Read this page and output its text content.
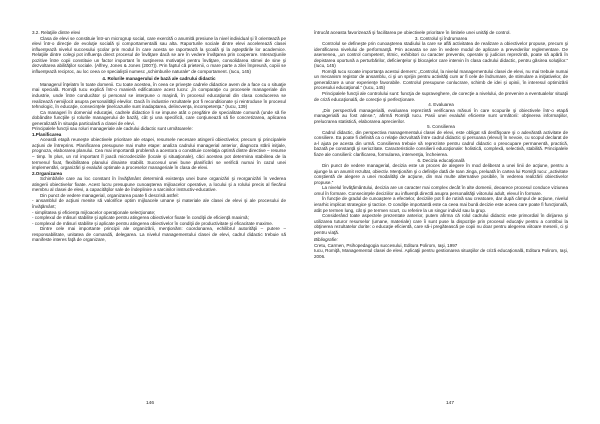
3.2. Relaţiile dintre elevi

Clasa de elevi se constituie într-un microgrup social, care exercită o anumită presiune la nivel individual şi îl orientează pe elevi într-o direcţie de evoluţie socială şi comportamentală sau alta. Raporturile sociale dintre elevi accelerează clasei influenţează nivelul succesului şcolar prin modul în care acesta se raportează la şcoală şi la aşteptările lor academice. Relaţiile dintre colegi pot influenţa direct procesul de învăţare dacă se are în vedere învăţarea prin cooperare. Interacţiunile pozitive între copii constituie un factor important în susţinerea motivaţiei pentru învăţare, consolidarea stimei de sine şi dezvoltarea abilităţilor sociale. (Alfrey, Jones & Jones (2007)). Prin faptul că prietenii, o mare parte a zilei împreună, copiii se influenţează reciproc, au loc ceea ce specialiştii numesc „schimburile naturale” de comportament. (Iucu, 145)

4. Rolurile managerului de bază ale cadrului didactic

Managerul înţelatm în toate domenii. Cu toate acestea, în ceea ce priveşte cadrele didactice avem de a face cu o situaţie mai specială. Romiţă Iucu explică într-o manieră edificatoare acest lucru: „În comparaţie cu procesele manageriale din industrie, unde între conducător şi personal se interpune o maşină, în procesul educaţional din clasa conducerea se realizează nemijlocit asupra personalităţii elevilor. Dacă în industrie rezultatele pot fi reconditionate şi reintroduse în procesul tehnologic, în educaţie, consecinţele ţine/cazurile sunt inadaptarea, delincvenţa, incompetenţa.” (Iucu, 139)

Ca manageri în domeniul educaţiei, cadrele didactice li se impune atât o pregătire de specialitate comună (unde să fie dobândite funcţiile şi rolurile managerului de bază), cât şi una specifică, care conţiunează să fie concretizarea, aplicarea generalizată în situaţia particulară a clasei de elevi.

Principalele funcţii sau roluri manageriale ale cadrului didactic sunt următoarele:

1.Planificarea

Această etapă reuneşte obiectivele prioritare ale etapei, resursele necesare atingerii obiectivelor, precum şi principalele acţiuni de întreprins. Planificarea presupune mai multe etape: analiza cadrului managerial anterior, diagnoza stării iniţiale, prognoza, elaborarea planului. Cea mai importantă problemă a acestora o constituie corelaţia optimă dintre directive – resurse – timp. În plus, un rol important îl joacă microdeciziile (locale şi situaţionale), căci acestea pot determina stabilirea de la termenul fixat, flexibilitatea planului dinainte stabilit. Succesul unei bune planificări se verifică numai în cazul unei implementări, organizări şi evaluări optimale a proceselor manageriale în clasa de elevi.

2.Organizarea

Schimbările care au loc constant în învăţământ determină existenţa unei bune organizări şi reorganizări în vederea atingerii obiectivelor fixate. Acest lucru presupune cunoaşterea mijloacelor operative, a locului şi a rolului precis al fiecărui membru al clasei de elevi, a capacităţilor sale de îndeplinire a sarcinilor instructiv-educative.

Din punct de vedere managerial, organizarea poate fi descrisă astfel:

- ansamblul de acţiuni menite să valorifice optim mijloacele umane şi materiale ale clasei de elevi şi ale procesului de învăţământ;

- simplitatea şi eficienţa mijloacelor operaţionale selecţionate;

- complexul de măsuri stabilite şi aplicate pentru atingerea obiectivelor fixate în condiţii de eficienţă maximă;

- complexul de măsuri stabilite şi aplicate pentru atingerea obiectivelor în condiţii de productivitate şi eficacitate maxime.

Dintre cele mai importante principii ale organizării, menţionăm: coordonarea, echilibrul autorităţii – putere – responsabilitate, unitatea de comandă, delegarea. La nivelul managementului clasei de elevi, cadrul didactic trebuie să manifeste interes faţă de organizare,

146

întrucât aceasta favorizează şi facilitarea pe obiectivele prioritare în limitele unei unităţi de control.

3. Controlul şi îndrumarea

Controlul se defineşte prin cunoaşterea stadiului la care se află activitatea de realizare a obiectivelor propuse, precum şi identificarea nivelului de performanţă. Prin aceasta se are în vedere modul de aplicare a prevederilor reglementare. De asemenea, „un control competent, ritmic, exhibitori cu caracter preventiv, operativ şi judicios reprezintă, poate să apără în depistarea oportună a perturbărilor, deficienţelor şi blocajelor care intervin în clasa cadrului didactic, pentru găsirea soluţiilor.” (Iucu, 145)

Romiţă Iucu scoate importanţa acestui demers: „Controlul, la nivelul managementului clasei de elevi, nu mai trebuie numai un mecanism registor de ansamblu, ci şi un sprijin pentru activităţi cum ar fi cele de îndrumare, de stimulare a iniţiativelor, de generalizare a unor experienţe favorabile. Controlul presupune conlucrare, schimb de idei şi opinii, în interesul optimizării procesului educaţional.” (Iucu, 145)

Principalele funcţii ale controlului sunt: funcţia de supraveghere, de corecţie a nivelului, de prevenire a eventualelor situaţii de criză educaţională, de corecţie şi perfecţionare.

4. Evaluarea

„Din perspectivă managerială, evaluarea reprezintă verificarea măsuri în care scopurile şi obiectivele într-o etapă managerială au fost atinse.”, afirmă Romiţă Iucu. Pasii unei evaluări eficiente sunt următorii: obţinerea informaţiilor, prelucrarea statistică, elaborarea aprecierilor.

5. Consilierea

Cadrul didactic, din perspectiva managementului clasei de elevi, este obligat să desfăşoare şi o adevărată activitate de consiliere. Ea poate fi definită ca o relaţie dezvoltată între cadrul didactic şi persoana (elevul) în nevoie, cu scopul declarat de a-l ajuta pe acesta din urmă. Consilierea trebuie să reprezinte pentru cadrul didactic o preocupare permanentă, practică, bazată pe constanţă şi seriozitate. Caracteristicile consilierii educaţionale: holistică, complexă, selectivă, stabilită. Principalele fiaze ale consilierii: clarificarea, formularea, intervenţia, încheierea.

6. Decizia educaţională

Din punct de vedere managerial, decizia este un proces de alegere în mod deliberat a unei linii de acţiune, pentru a ajunge la un anumit rezultat, obiectiv. Menţionăm şi o definiţie dată de Ioan Jinga, preluată în cartea lui Romiţă Iucu: „activitate conştientă de alegere a unei modalităţi de acţiune, din mai multe alternative posibile, în vederea realizării obiectivelor propuse.”

La nivelul învăţământului, decizia are un caracter mai complex decât în alte domenii, deoarece procesul conduce viziunea omul în formare. Consecinţele deciziilor au influenţă directă asupra personalităţii viitorului adult, elevul în formare.

În funcţie de gradul de cunoaştere a efectelor, deciziile pot fi de rutină sau creatoare, dar după câmpul de acţiune, nivelul ierarhic implicat strategice şi tactice. O condiţie importantă este ca ceea mai bună decizie este aceea care poate fi funcţională, atât pe termen lung, cât şi pe termen scurt, cu referire la un singur individ sau la grup.

Considerând toate aspectele prezentate anterior, putem afirma că rolul cadrului didactic este primordial în dirijarea şi utilizarea tuturor resurselor (umane, materiale) care îi sunt puse la dispoziţie prin procesul educaţiv pentru a contribui la obţinerea rezultatelor dorite: o educaţie eficientă, care să-i pregătească pe copii nu doar pentru alegerea viitoare meserii, ci şi pentru viaţă.

Bibliografie:

Cretu, Carmen, Psihopedagogia succesului, Editura Polirom, Iaşi, 1997

Iucu, Romiţă, Managementul clasei de elevi. Aplicaţii pentru gestionarea situaţiilor de criză educaţională, Editura Polirom, Iaşi, 2006.

147
